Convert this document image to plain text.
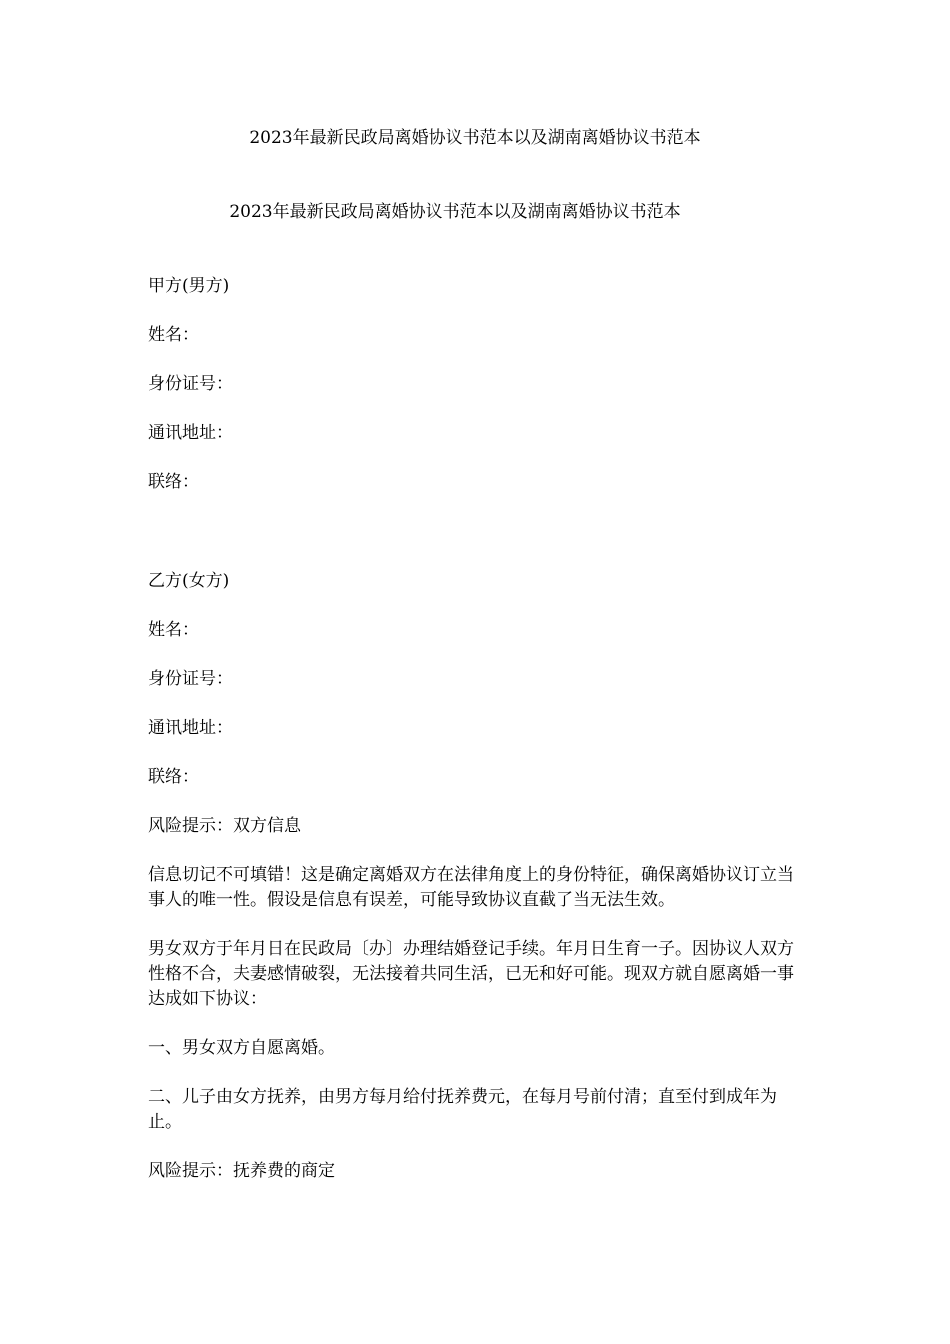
2023年最新民政局离婚协议书范本以及湖南离婚协议书范本
2023年最新民政局离婚协议书范本以及湖南离婚协议书范本

甲方(男方)

姓名：

身份证号：

通讯地址：

联络：

乙方(女方)

姓名：

身份证号：

通讯地址：

联络：

风险提示：双方信息

信息切记不可填错！这是确定离婚双方在法律角度上的身份特征，确保离婚协议订立当事人的唯一性。假设是信息有误差，可能导致协议直截了当无法生效。

男女双方于年月日在民政局〔办〕办理结婚登记手续。年月日生育一子。因协议人双方性格不合，夫妻感情破裂，无法接着共同生活，已无和好可能。现双方就自愿离婚一事达成如下协议：

一、男女双方自愿离婚。

二、儿子由女方抚养，由男方每月给付抚养费元，在每月号前付清；直至付到成年为止。

风险提示：抚养费的商定
